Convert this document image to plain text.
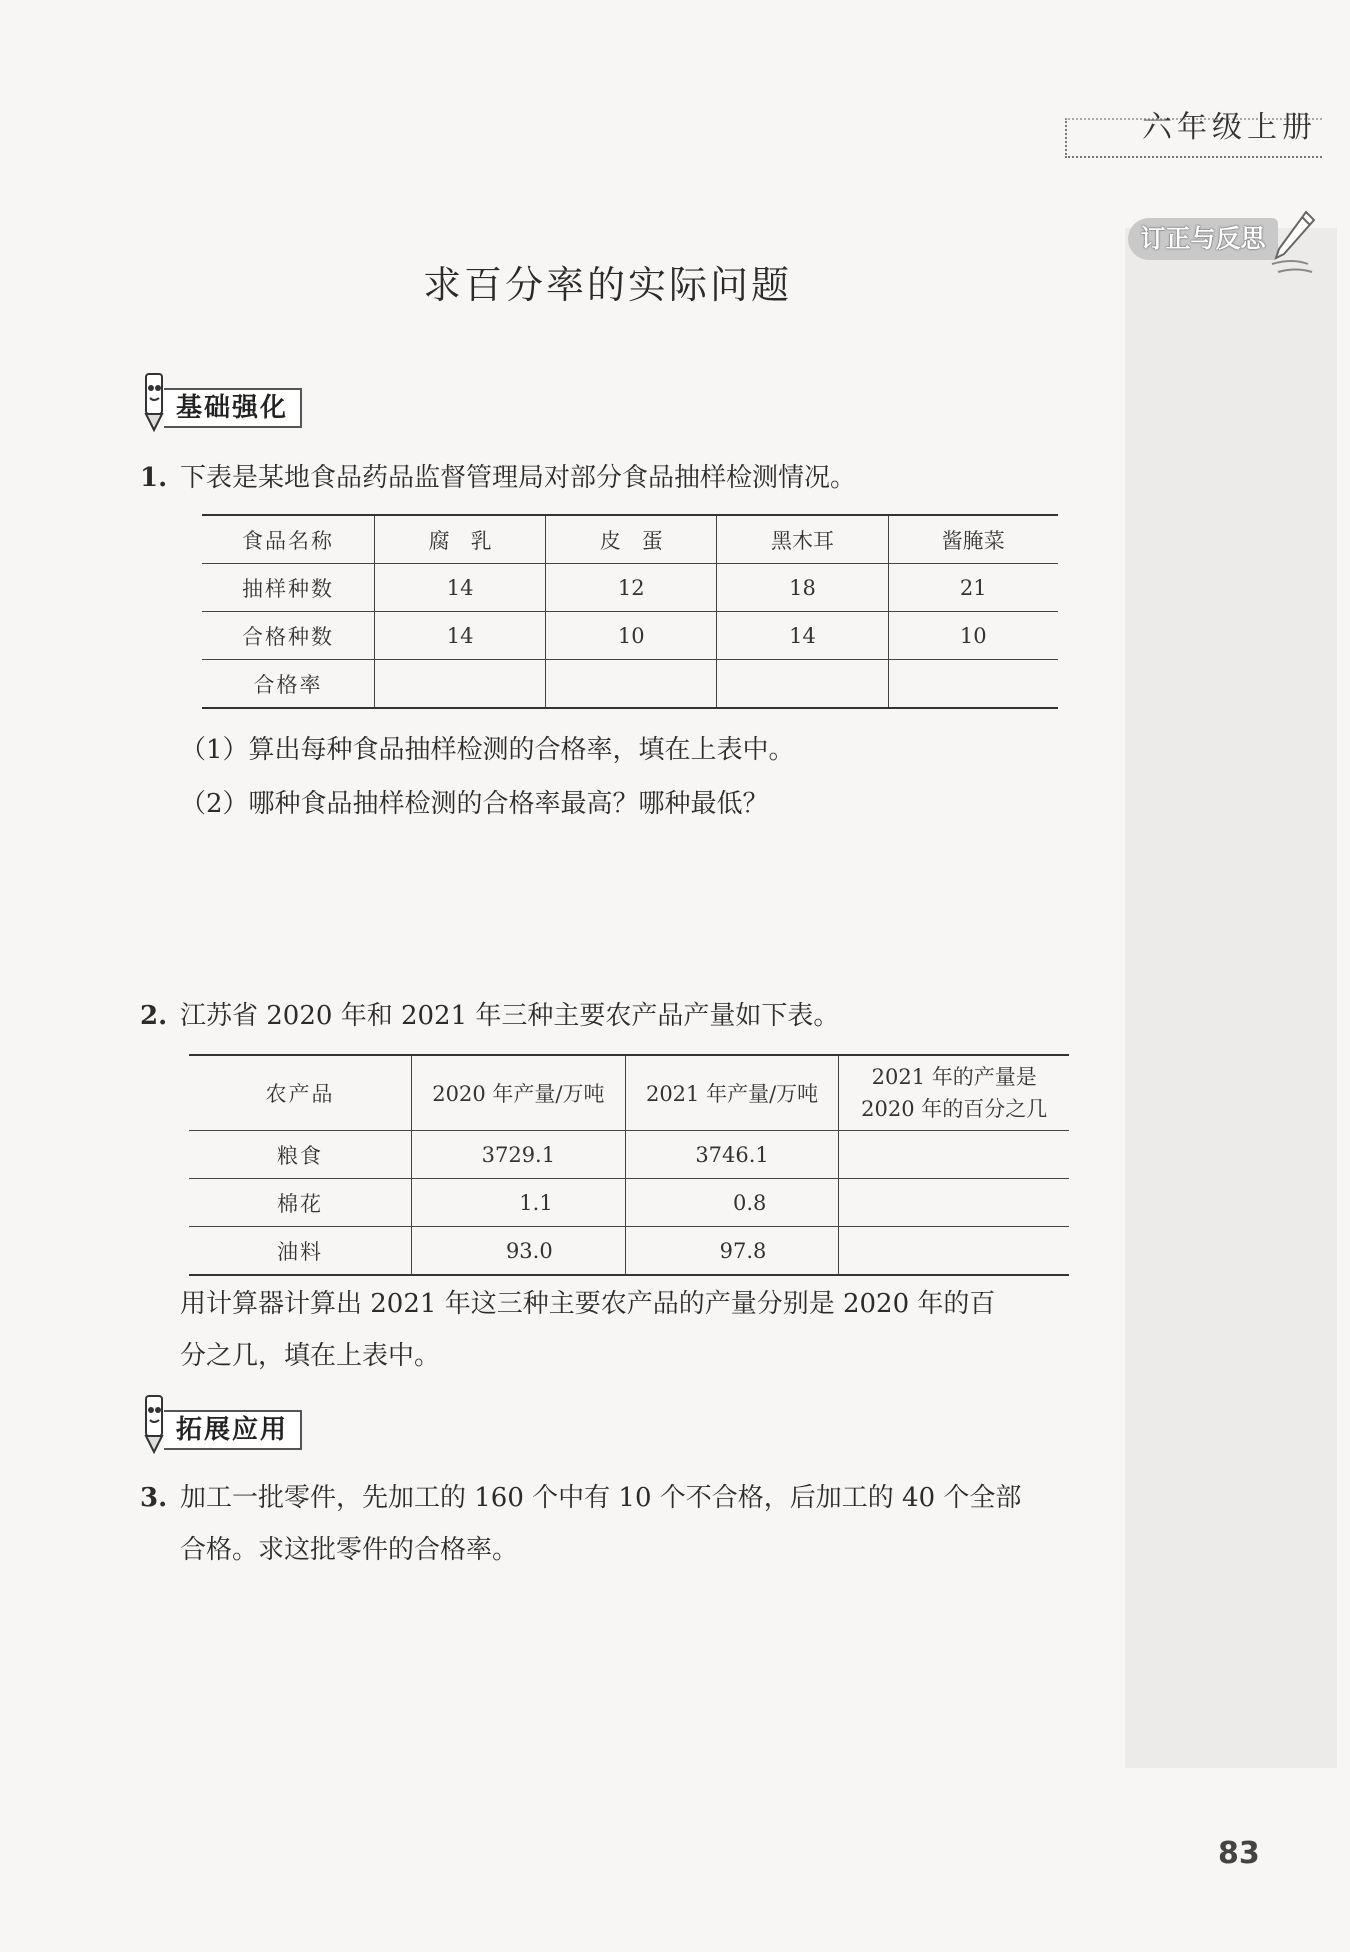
六年级上册
订正与反思
求百分率的实际问题
基础强化
1. 下表是某地食品药品监督管理局对部分食品抽样检测情况。
食品名称	腐　乳	皮　蛋	黑木耳	酱腌菜
抽样种数	14	12	18	21
合格种数	14	10	14	10
合格率				
（1）算出每种食品抽样检测的合格率，填在上表中。
（2）哪种食品抽样检测的合格率最高？哪种最低？
2. 江苏省 2020 年和 2021 年三种主要农产品产量如下表。
农产品	2020 年产量/万吨	2021 年产量/万吨	2021 年的产量是
2020 年的百分之几

粮食	3729.1	3746.1	
棉花	1.1	0.8	
油料	93.0	97.8	
用计算器计算出 2021 年这三种主要农产品的产量分别是 2020 年的百
分之几，填在上表中。
拓展应用
3. 加工一批零件，先加工的 160 个中有 10 个不合格，后加工的 40 个全部
合格。求这批零件的合格率。
83
